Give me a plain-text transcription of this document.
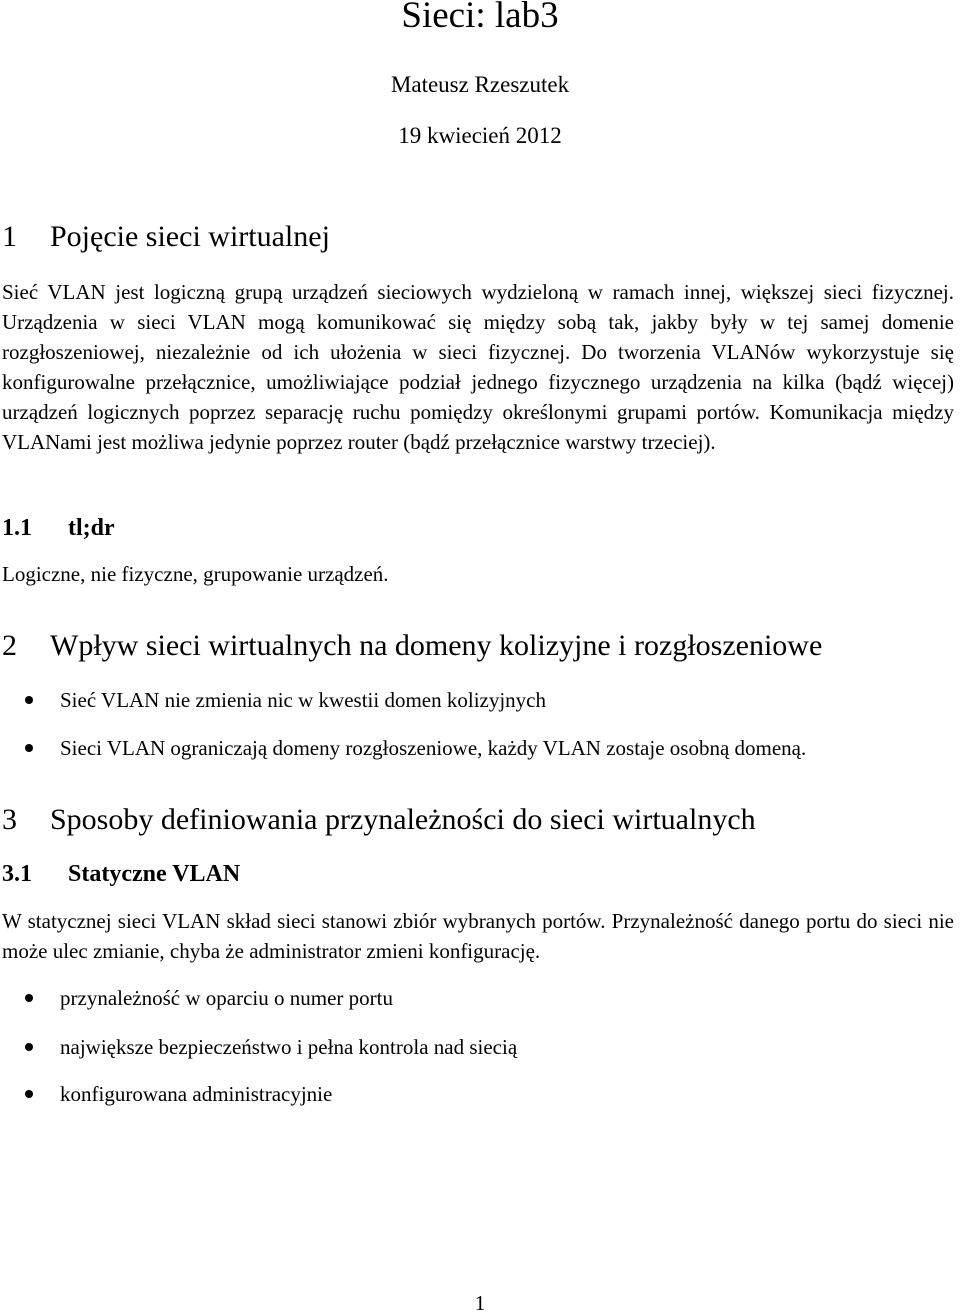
Sieci: lab3
Mateusz Rzeszutek
19 kwiecień 2012
1 Pojęcie sieci wirtualnej

Sieć VLAN jest logiczną grupą urządzeń sieciowych wydzieloną w ramach innej, większej sieci fizycznej. Urządzenia w sieci VLAN mogą komunikować się między sobą tak, jakby były w tej samej domenie rozgłoszeniowej, niezależnie od ich ułożenia w sieci fizycznej. Do tworzenia VLANów wykorzystuje się konfigurowalne przełącznice, umożliwiające podział jednego fizycznego urządzenia na kilka (bądź więcej) urządzeń logicznych poprzez separację ruchu pomiędzy określonymi grupami portów. Komunikacja między VLANami jest możliwa jedynie poprzez router (bądź przełącznice warstwy trzeciej).

1.1 tl;dr

Logiczne, nie fizyczne, grupowanie urządzeń.

2 Wpływ sieci wirtualnych na domeny kolizyjne i rozgłoszeniowe
Sieć VLAN nie zmienia nic w kwestii domen kolizyjnych
Sieci VLAN ograniczają domeny rozgłoszeniowe, każdy VLAN zostaje osobną domeną.
3 Sposoby definiowania przynależności do sieci wirtualnych
3.1 Statyczne VLAN

W statycznej sieci VLAN skład sieci stanowi zbiór wybranych portów. Przynależność danego portu do sieci nie może ulec zmianie, chyba że administrator zmieni konfigurację.

przynależność w oparciu o numer portu
największe bezpieczeństwo i pełna kontrola nad siecią
konfigurowana administracyjnie
1
